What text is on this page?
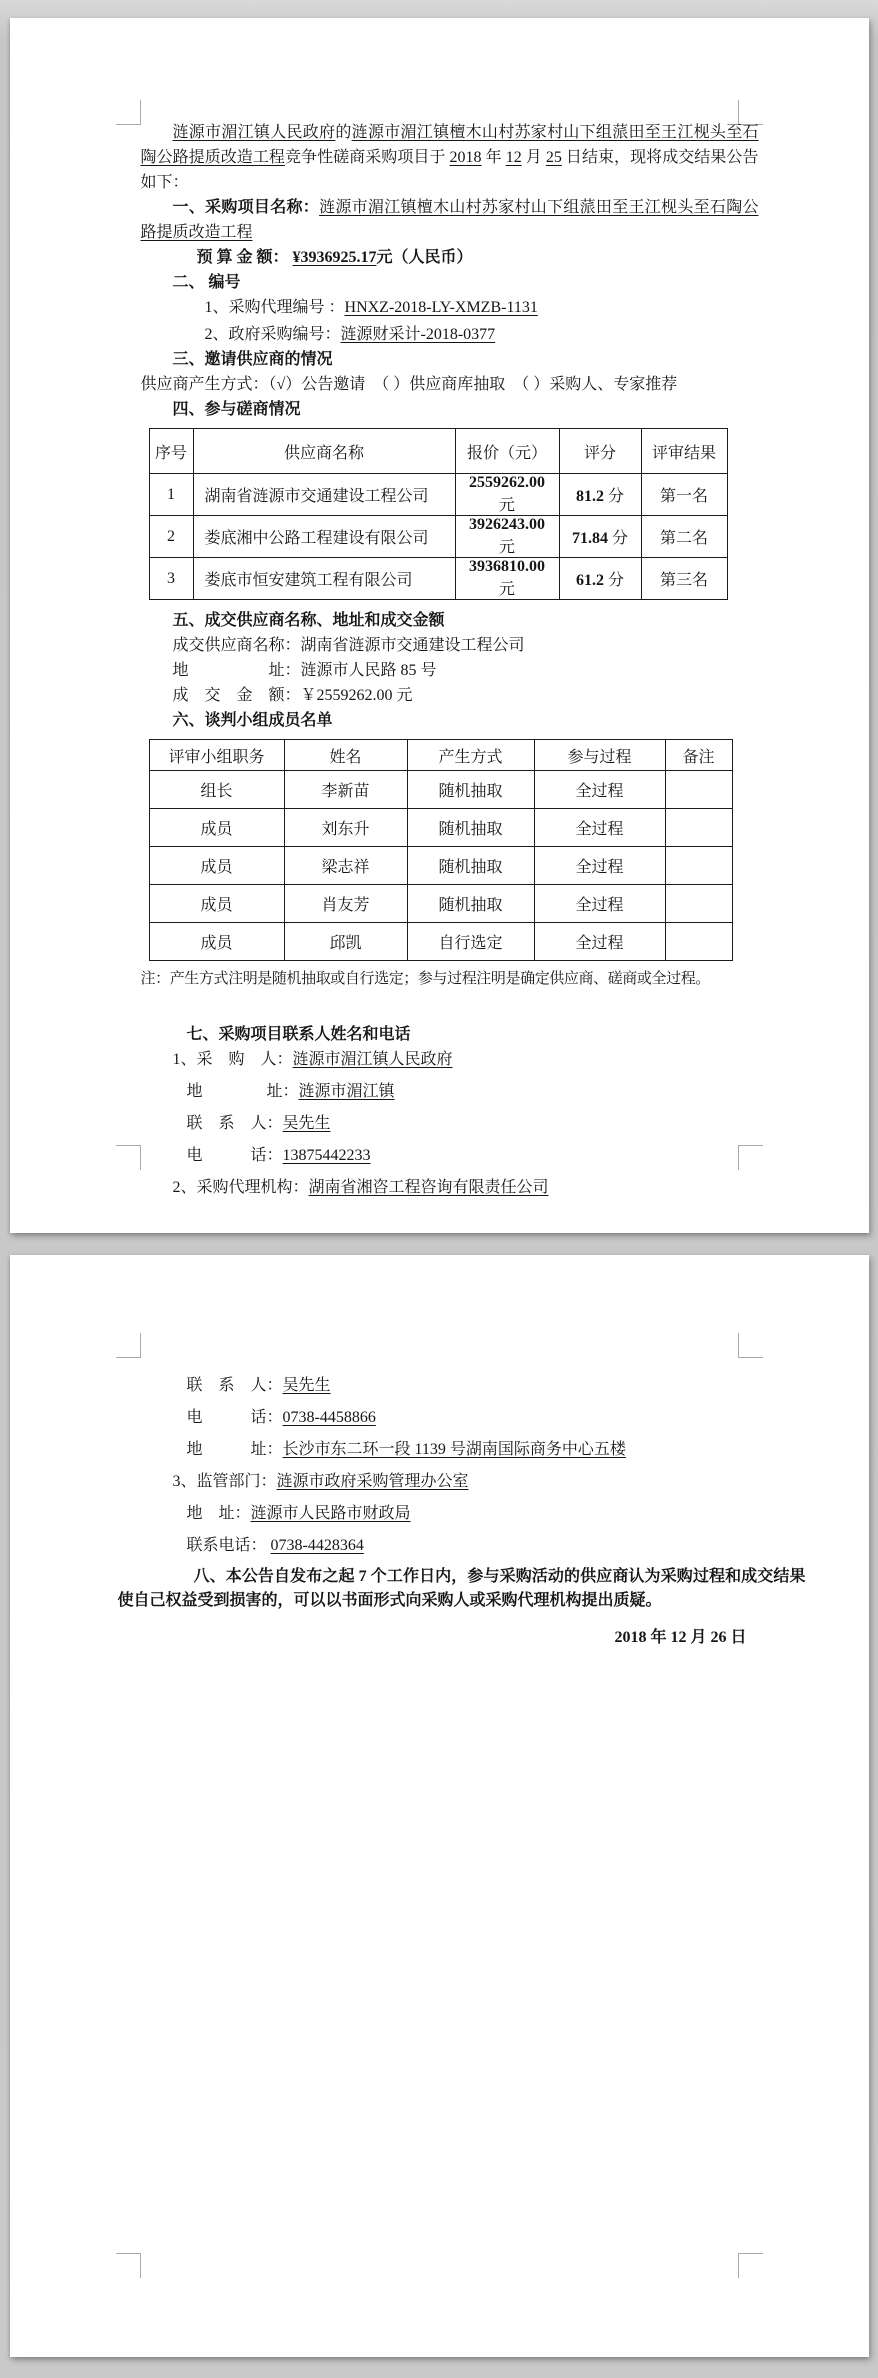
涟源市湄江镇人民政府的涟源市湄江镇檀木山村苏家村山下组蒎田至王江枧头至石陶公路提质改造工程竞争性磋商采购项目于 2018 年 12 月 25 日结束，现将成交结果公告如下：

一、采购项目名称：涟源市湄江镇檀木山村苏家村山下组蒎田至王江枧头至石陶公路提质改造工程

预 算 金 额： ¥3936925.17元（人民币）

二、 编号

1、采购代理编号 ：HNXZ-2018-LY-XMZB-1131

2、政府采购编号：涟源财采计-2018-0377

三、邀请供应商的情况

供应商产生方式：（√）公告邀请　（ ）供应商库抽取　（ ）采购人、专家推荐

四、参与磋商情况

序号	供应商名称	报价（元）	评分	评审结果
1	湖南省涟源市交通建设工程公司	2559262.00 元	81.2 分	第一名
2	娄底湘中公路工程建设有限公司	3926243.00 元	71.84 分	第二名
3	娄底市恒安建筑工程有限公司	3936810.00 元	61.2 分	第三名

五、成交供应商名称、地址和成交金额

成交供应商名称：湖南省涟源市交通建设工程公司

地　　　　　址：涟源市人民路 85 号

成　交　金　额：￥2559262.00 元

六、谈判小组成员名单

评审小组职务	姓名	产生方式	参与过程	备注
组长	李新苗	随机抽取	全过程	
成员	刘东升	随机抽取	全过程	
成员	梁志祥	随机抽取	全过程	
成员	肖友芳	随机抽取	全过程	
成员	邱凯	自行选定	全过程	

注：产生方式注明是随机抽取或自行选定；参与过程注明是确定供应商、磋商或全过程。

七、采购项目联系人姓名和电话

1、采　购　人：涟源市湄江镇人民政府

地　　　　址：涟源市湄江镇

联　系　人：吴先生

电　　　话：13875442233

2、采购代理机构：湖南省湘咨工程咨询有限责任公司

联　系　人：吴先生

电　　　话：0738-4458866

地　　　址：长沙市东二环一段 1139 号湖南国际商务中心五楼

3、监管部门：涟源市政府采购管理办公室

地　址：涟源市人民路市财政局

联系电话： 0738-4428364

八、本公告自发布之起 7 个工作日内，参与采购活动的供应商认为采购过程和成交结果使自己权益受到损害的，可以以书面形式向采购人或采购代理机构提出质疑。

2018 年 12 月 26 日
